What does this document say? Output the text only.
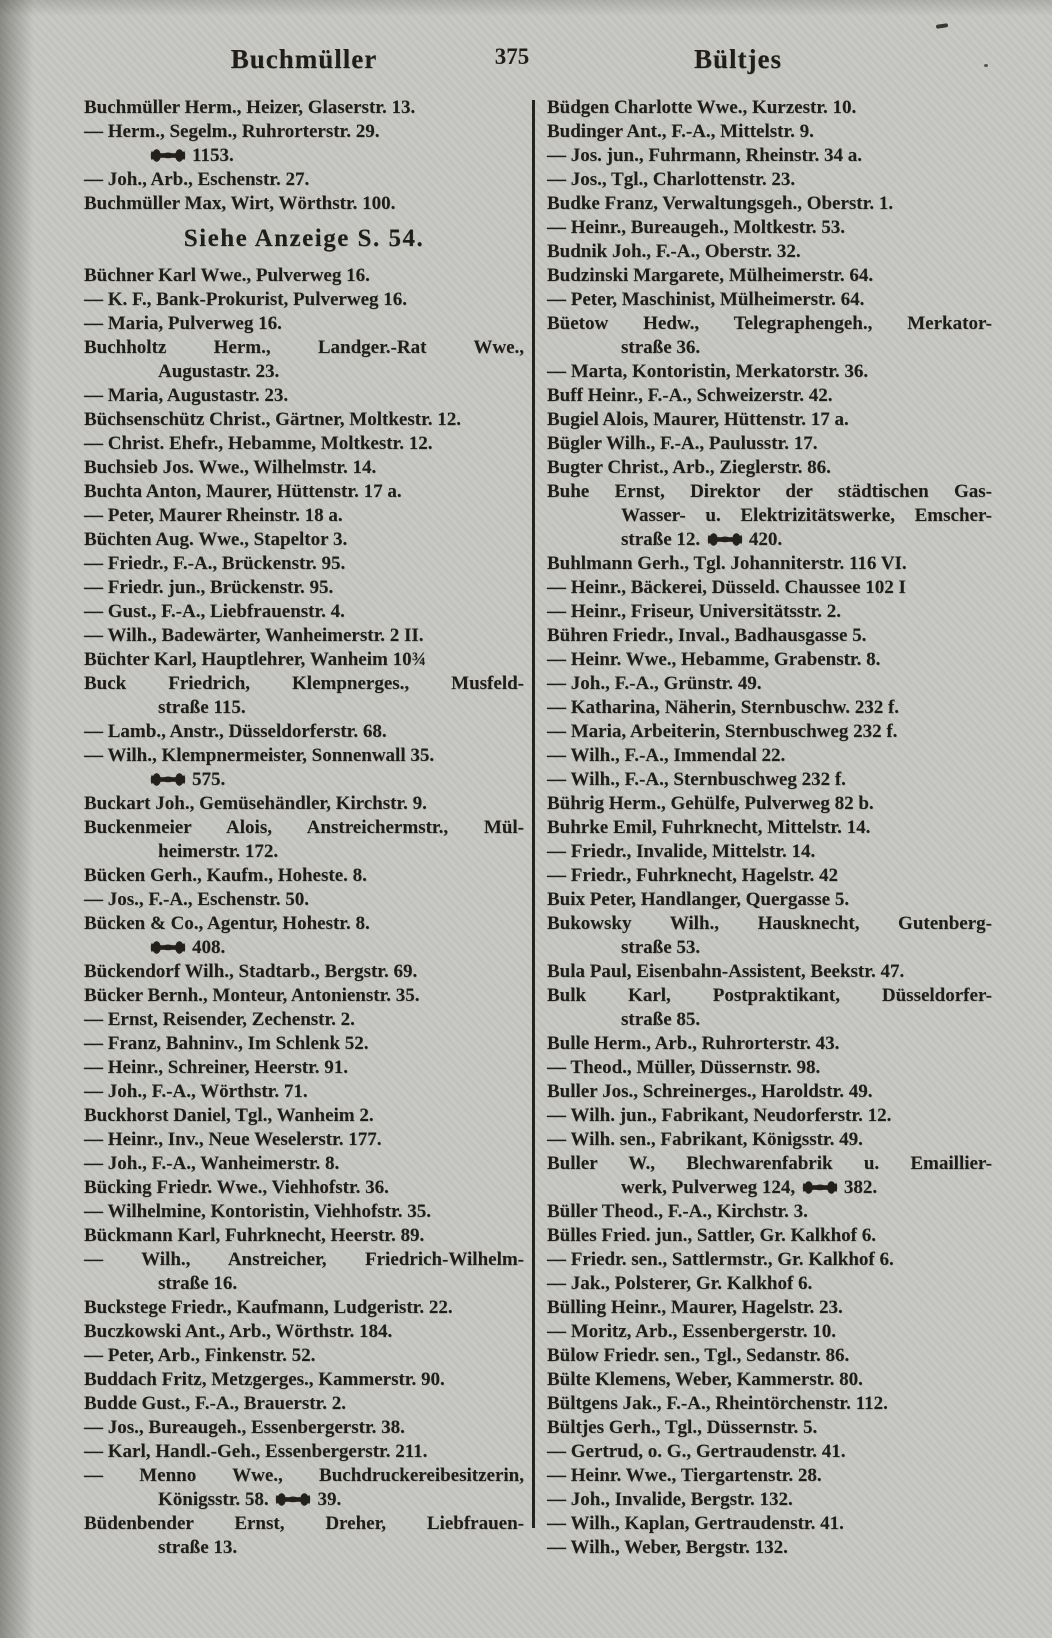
Buchmüller	375	Bültjes
Buchmüller Herm., Heizer, Glaserstr. 13.
— Herm., Segelm., Ruhrorterstr. 29.
1153.
— Joh., Arb., Eschenstr. 27.
Buchmüller Max, Wirt, Wörthstr. 100.
Siehe Anzeige S. 54.
Büchner Karl Wwe., Pulverweg 16.
— K. F., Bank-Prokurist, Pulverweg 16.
— Maria, Pulverweg 16.
Buchholtz Herm., Landger.-Rat Wwe.,
Augustastr. 23.
— Maria, Augustastr. 23.
Büchsenschütz Christ., Gärtner, Moltkestr. 12.
— Christ. Ehefr., Hebamme, Moltkestr. 12.
Buchsieb Jos. Wwe., Wilhelmstr. 14.
Buchta Anton, Maurer, Hüttenstr. 17 a.
— Peter, Maurer Rheinstr. 18 a.
Büchten Aug. Wwe., Stapeltor 3.
— Friedr., F.-A., Brückenstr. 95.
— Friedr. jun., Brückenstr. 95.
— Gust., F.-A., Liebfrauenstr. 4.
— Wilh., Badewärter, Wanheimerstr. 2 II.
Büchter Karl, Hauptlehrer, Wanheim 10¾
Buck Friedrich, Klempnerges., Musfeld-
straße 115.
— Lamb., Anstr., Düsseldorferstr. 68.
— Wilh., Klempnermeister, Sonnenwall 35.
575.
Buckart Joh., Gemüsehändler, Kirchstr. 9.
Buckenmeier Alois, Anstreichermstr., Mül-
heimerstr. 172.
Bücken Gerh., Kaufm., Hoheste. 8.
— Jos., F.-A., Eschenstr. 50.
Bücken & Co., Agentur, Hohestr. 8.
408.
Bückendorf Wilh., Stadtarb., Bergstr. 69.
Bücker Bernh., Monteur, Antonienstr. 35.
— Ernst, Reisender, Zechenstr. 2.
— Franz, Bahninv., Im Schlenk 52.
— Heinr., Schreiner, Heerstr. 91.
— Joh., F.-A., Wörthstr. 71.
Buckhorst Daniel, Tgl., Wanheim 2.
— Heinr., Inv., Neue Weselerstr. 177.
— Joh., F.-A., Wanheimerstr. 8.
Bücking Friedr. Wwe., Viehhofstr. 36.
— Wilhelmine, Kontoristin, Viehhofstr. 35.
Bückmann Karl, Fuhrknecht, Heerstr. 89.
— Wilh., Anstreicher, Friedrich-Wilhelm-
straße 16.
Buckstege Friedr., Kaufmann, Ludgeristr. 22.
Buczkowski Ant., Arb., Wörthstr. 184.
— Peter, Arb., Finkenstr. 52.
Buddach Fritz, Metzgerges., Kammerstr. 90.
Budde Gust., F.-A., Brauerstr. 2.
— Jos., Bureaugeh., Essenbergerstr. 38.
— Karl, Handl.-Geh., Essenbergerstr. 211.
— Menno Wwe., Buchdruckereibesitzerin,
Königsstr. 58.	39.
Büdenbender Ernst, Dreher, Liebfrauen-
straße 13.
Büdgen Charlotte Wwe., Kurzestr. 10.
Budinger Ant., F.-A., Mittelstr. 9.
— Jos. jun., Fuhrmann, Rheinstr. 34 a.
— Jos., Tgl., Charlottenstr. 23.
Budke Franz, Verwaltungsgeh., Oberstr. 1.
— Heinr., Bureaugeh., Moltkestr. 53.
Budnik Joh., F.-A., Oberstr. 32.
Budzinski Margarete, Mülheimerstr. 64.
— Peter, Maschinist, Mülheimerstr. 64.
Büetow Hedw., Telegraphengeh., Merkator-
straße 36.
— Marta, Kontoristin, Merkatorstr. 36.
Buff Heinr., F.-A., Schweizerstr. 42.
Bugiel Alois, Maurer, Hüttenstr. 17 a.
Bügler Wilh., F.-A., Paulusstr. 17.
Bugter Christ., Arb., Zieglerstr. 86.
Buhe Ernst, Direktor der städtischen Gas-
Wasser- u. Elektrizitätswerke, Emscher-
straße 12.	420.
Buhlmann Gerh., Tgl. Johanniterstr. 116 VI.
— Heinr., Bäckerei, Düsseld. Chaussee 102 I
— Heinr., Friseur, Universitätsstr. 2.
Bühren Friedr., Inval., Badhausgasse 5.
— Heinr. Wwe., Hebamme, Grabenstr. 8.
— Joh., F.-A., Grünstr. 49.
— Katharina, Näherin, Sternbuschw. 232 f.
— Maria, Arbeiterin, Sternbuschweg 232 f.
— Wilh., F.-A., Immendal 22.
— Wilh., F.-A., Sternbuschweg 232 f.
Bührig Herm., Gehülfe, Pulverweg 82 b.
Buhrke Emil, Fuhrknecht, Mittelstr. 14.
— Friedr., Invalide, Mittelstr. 14.
— Friedr., Fuhrknecht, Hagelstr. 42
Buix Peter, Handlanger, Quergasse 5.
Bukowsky Wilh., Hausknecht, Gutenberg-
straße 53.
Bula Paul, Eisenbahn-Assistent, Beekstr. 47.
Bulk Karl, Postpraktikant, Düsseldorfer-
straße 85.
Bulle Herm., Arb., Ruhrorterstr. 43.
— Theod., Müller, Düssernstr. 98.
Buller Jos., Schreinerges., Haroldstr. 49.
— Wilh. jun., Fabrikant, Neudorferstr. 12.
— Wilh. sen., Fabrikant, Königsstr. 49.
Buller W., Blechwarenfabrik u. Emaillier-
werk, Pulverweg 124,	382.
Büller Theod., F.-A., Kirchstr. 3.
Bülles Fried. jun., Sattler, Gr. Kalkhof 6.
— Friedr. sen., Sattlermstr., Gr. Kalkhof 6.
— Jak., Polsterer, Gr. Kalkhof 6.
Bülling Heinr., Maurer, Hagelstr. 23.
— Moritz, Arb., Essenbergerstr. 10.
Bülow Friedr. sen., Tgl., Sedanstr. 86.
Bülte Klemens, Weber, Kammerstr. 80.
Bültgens Jak., F.-A., Rheintörchenstr. 112.
Bültjes Gerh., Tgl., Düssernstr. 5.
— Gertrud, o. G., Gertraudenstr. 41.
— Heinr. Wwe., Tiergartenstr. 28.
— Joh., Invalide, Bergstr. 132.
— Wilh., Kaplan, Gertraudenstr. 41.
— Wilh., Weber, Bergstr. 132.
